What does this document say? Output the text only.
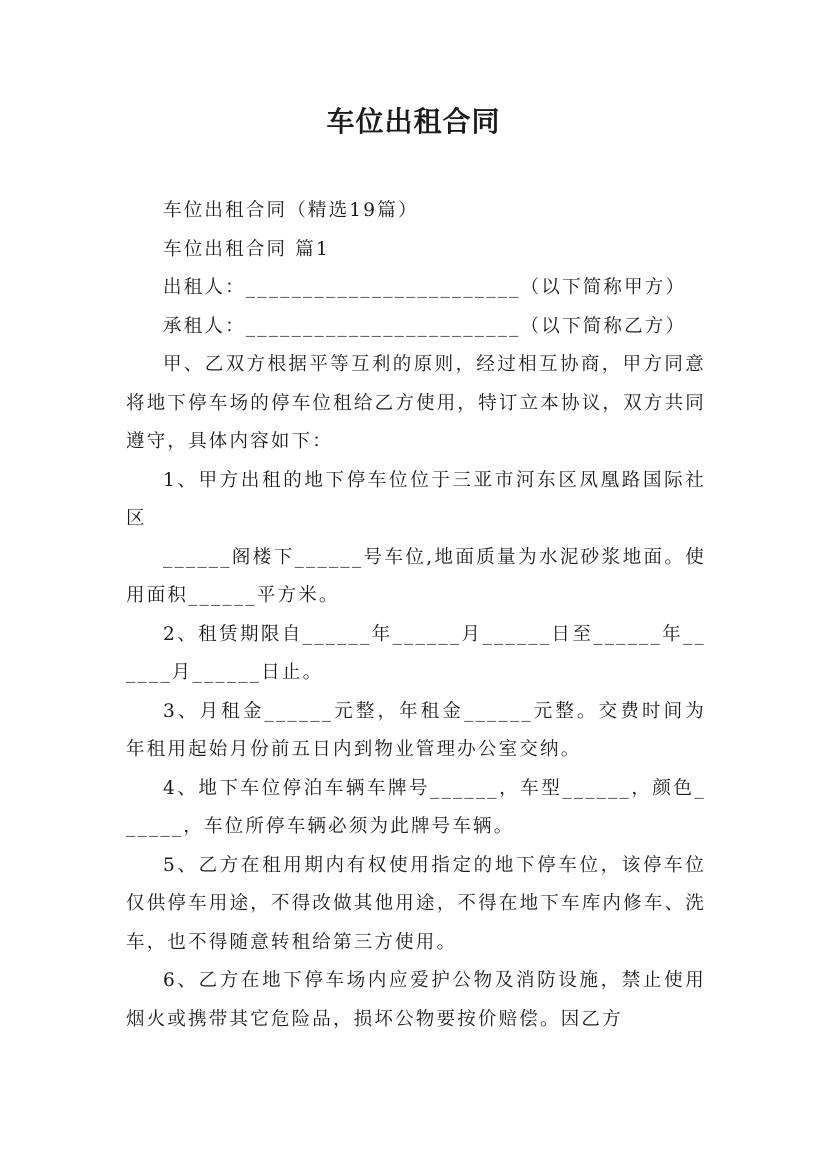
车位出租合同

车位出租合同（精选19篇）

车位出租合同 篇1

出租人：________________________（以下简称甲方）

承租人：________________________（以下简称乙方）

甲、乙双方根据平等互利的原则，经过相互协商，甲方同意将地下停车场的停车位租给乙方使用，特订立本协议，双方共同遵守，具体内容如下：

1、甲方出租的地下停车位位于三亚市河东区凤凰路国际社区

______阁楼下______号车位,地面质量为水泥砂浆地面。使用面积______平方米。

2、租赁期限自______年______月______日至______年______月______日止。

3、月租金______元整，年租金______元整。交费时间为年租用起始月份前五日内到物业管理办公室交纳。

4、地下车位停泊车辆车牌号______，车型______，颜色______，车位所停车辆必须为此牌号车辆。

5、乙方在租用期内有权使用指定的地下停车位，该停车位仅供停车用途，不得改做其他用途，不得在地下车库内修车、洗车，也不得随意转租给第三方使用。

6、乙方在地下停车场内应爱护公物及消防设施，禁止使用烟火或携带其它危险品，损坏公物要按价赔偿。因乙方
